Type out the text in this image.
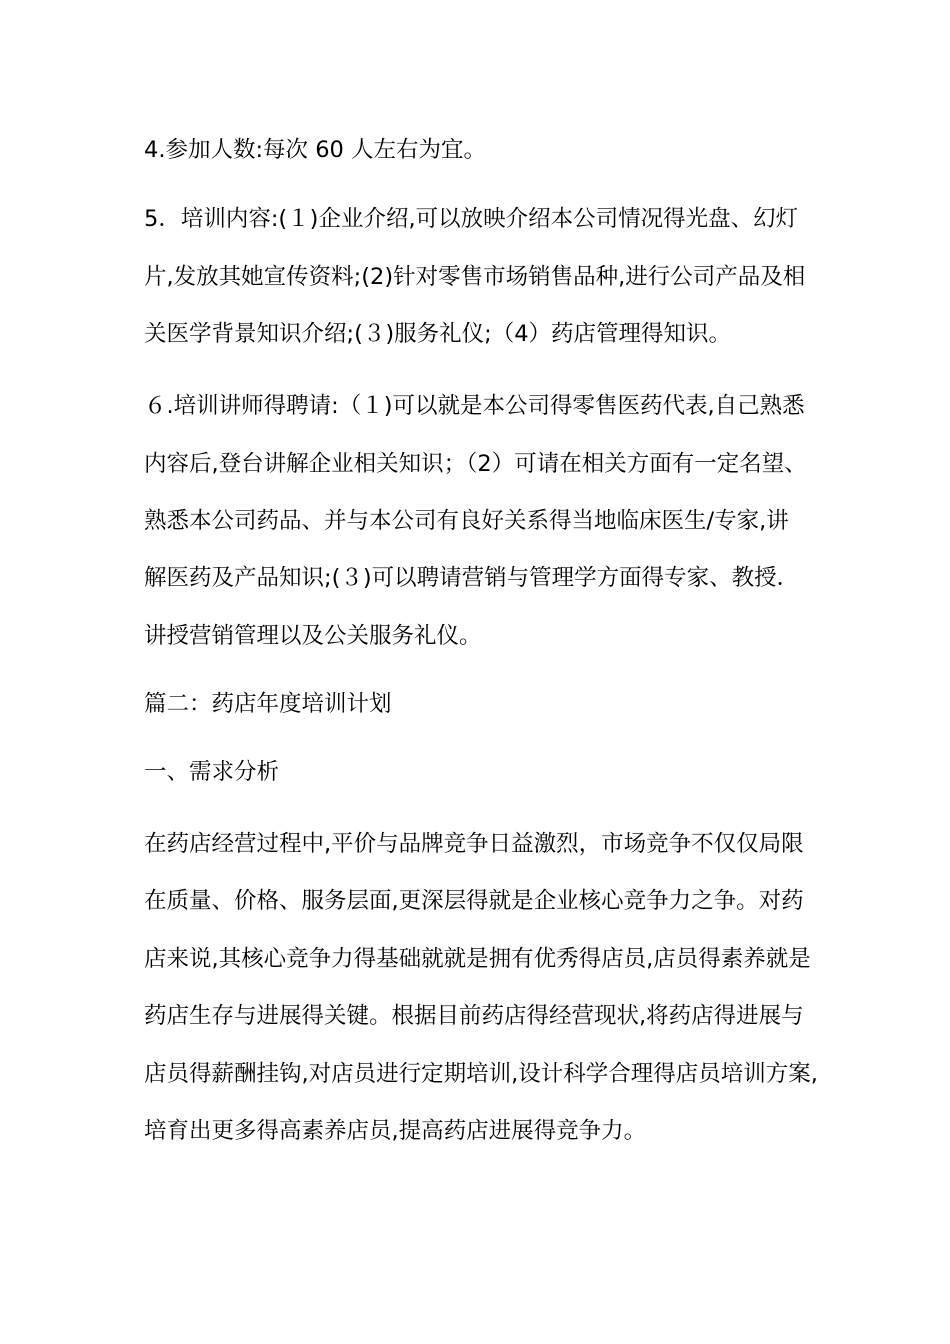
4.参加人数:每次 60 人左右为宜。
5．培训内容:(１)企业介绍,可以放映介绍本公司情况得光盘、幻灯
片,发放其她宣传资料;(2)针对零售市场销售品种,进行公司产品及相
关医学背景知识介绍;(３)服务礼仪;（4）药店管理得知识。
６.培训讲师得聘请:（１)可以就是本公司得零售医药代表,自己熟悉
内容后,登台讲解企业相关知识；（2）可请在相关方面有一定名望、
熟悉本公司药品、并与本公司有良好关系得当地临床医生/专家,讲
解医药及产品知识;(３)可以聘请营销与管理学方面得专家、教授．
讲授营销管理以及公关服务礼仪。
篇二：药店年度培训计划
一、需求分析
在药店经营过程中,平价与品牌竞争日益激烈，市场竞争不仅仅局限
在质量、价格、服务层面,更深层得就是企业核心竞争力之争。对药
店来说,其核心竞争力得基础就就是拥有优秀得店员,店员得素养就是
药店生存与进展得关键。根据目前药店得经营现状,将药店得进展与
店员得薪酬挂钩,对店员进行定期培训,设计科学合理得店员培训方案,
培育出更多得高素养店员,提高药店进展得竞争力。
